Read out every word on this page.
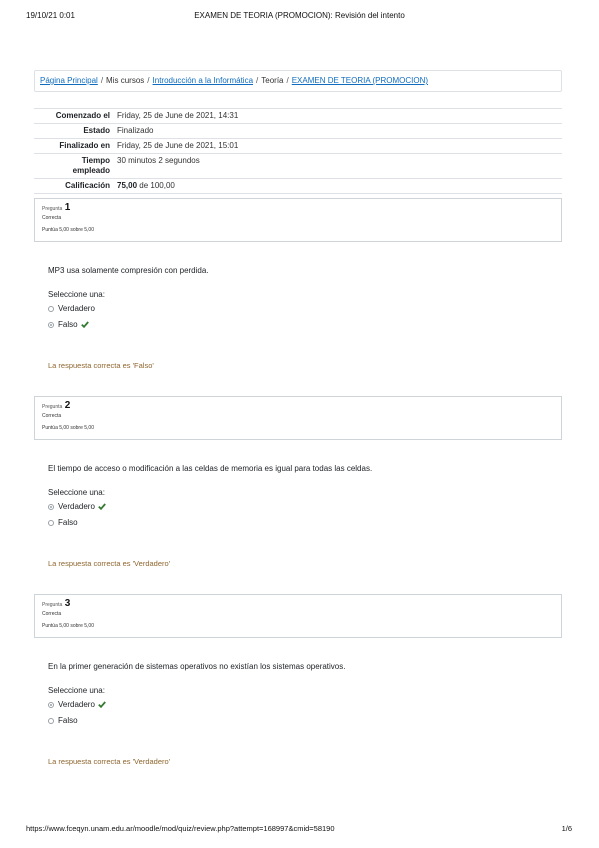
19/10/21 0:01	EXAMEN DE TEORIA (PROMOCION): Revisión del intento
Página Principal / Mis cursos / Introducción a la Informática / Teoría / EXAMEN DE TEORIA (PROMOCION)
Comenzado el Friday, 25 de June de 2021, 14:31
Estado Finalizado
Finalizado en Friday, 25 de June de 2021, 15:01
Tiempo
empleado
30 minutos 2 segundos
Calificación 75,00 de 100,00
Pregunta 1
Correcta
Puntúa 5,00 sobre 5,00
MP3 usa solamente compresión con perdida.
Seleccione una:
Verdadero
Falso
La respuesta correcta es 'Falso'
Pregunta 2
Correcta
Puntúa 5,00 sobre 5,00
El tiempo de acceso o modificación a las celdas de memoria es igual para todas las celdas.
Seleccione una:
Verdadero
Falso
La respuesta correcta es 'Verdadero'
Pregunta 3
Correcta
Puntúa 5,00 sobre 5,00
En la primer generación de sistemas operativos no existían los sistemas operativos.
Seleccione una:
Verdadero
Falso
La respuesta correcta es 'Verdadero'
https://www.fceqyn.unam.edu.ar/moodle/mod/quiz/review.php?attempt=168997&cmid=58190	1/6
